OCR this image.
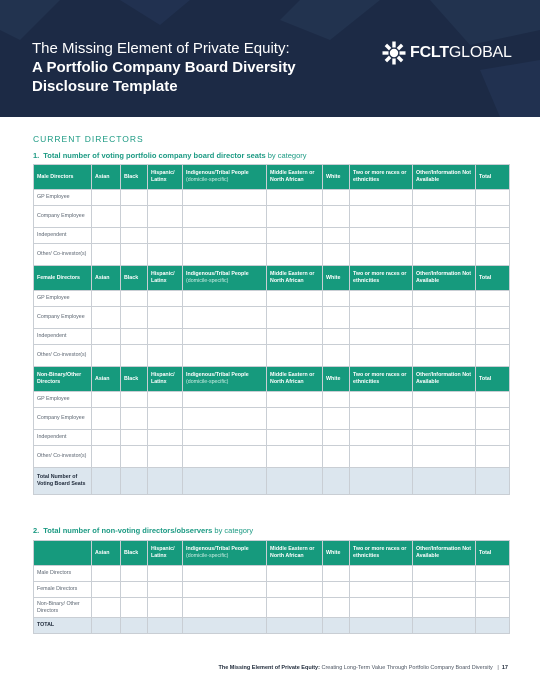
The Missing Element of Private Equity:
A Portfolio Company Board Diversity
Disclosure Template
FCLTGLOBAL
CURRENT DIRECTORS
1. Total number of voting portfolio company board director seats by category
Male Directors	Asian	Black	Hispanic/ Latinx	Indigenous/Tribal People
(domicile-specific)	Middle Eastern or North African	White	Two or more races or ethnicities	Other/Information Not Available	Total
GP Employee									
Company Employee									
Independent									
Other/ Co-investor(s)									
Female Directors	Asian	Black	Hispanic/ Latinx	Indigenous/Tribal People
(domicile-specific)	Middle Eastern or North African	White	Two or more races or ethnicities	Other/Information Not Available	Total
GP Employee									
Company Employee									
Independent									
Other/ Co-investor(s)									
Non-Binary/Other Directors	Asian	Black	Hispanic/ Latinx	Indigenous/Tribal People
(domicile-specific)	Middle Eastern or North African	White	Two or more races or ethnicities	Other/Information Not Available	Total
GP Employee									
Company Employee									
Independent									
Other/ Co-investor(s)									
Total Number of Voting Board Seats									
2. Total number of non-voting directors/observers by category
	Asian	Black	Hispanic/ Latinx	Indigenous/Tribal People
(domicile-specific)	Middle Eastern or North African	White	Two or more races or ethnicities	Other/Information Not Available	Total
Male Directors									
Female Directors									
Non-Binary/ Other Directors									
TOTAL									
The Missing Element of Private Equity: Creating Long-Term Value Through Portfolio Company Board Diversity | 17
